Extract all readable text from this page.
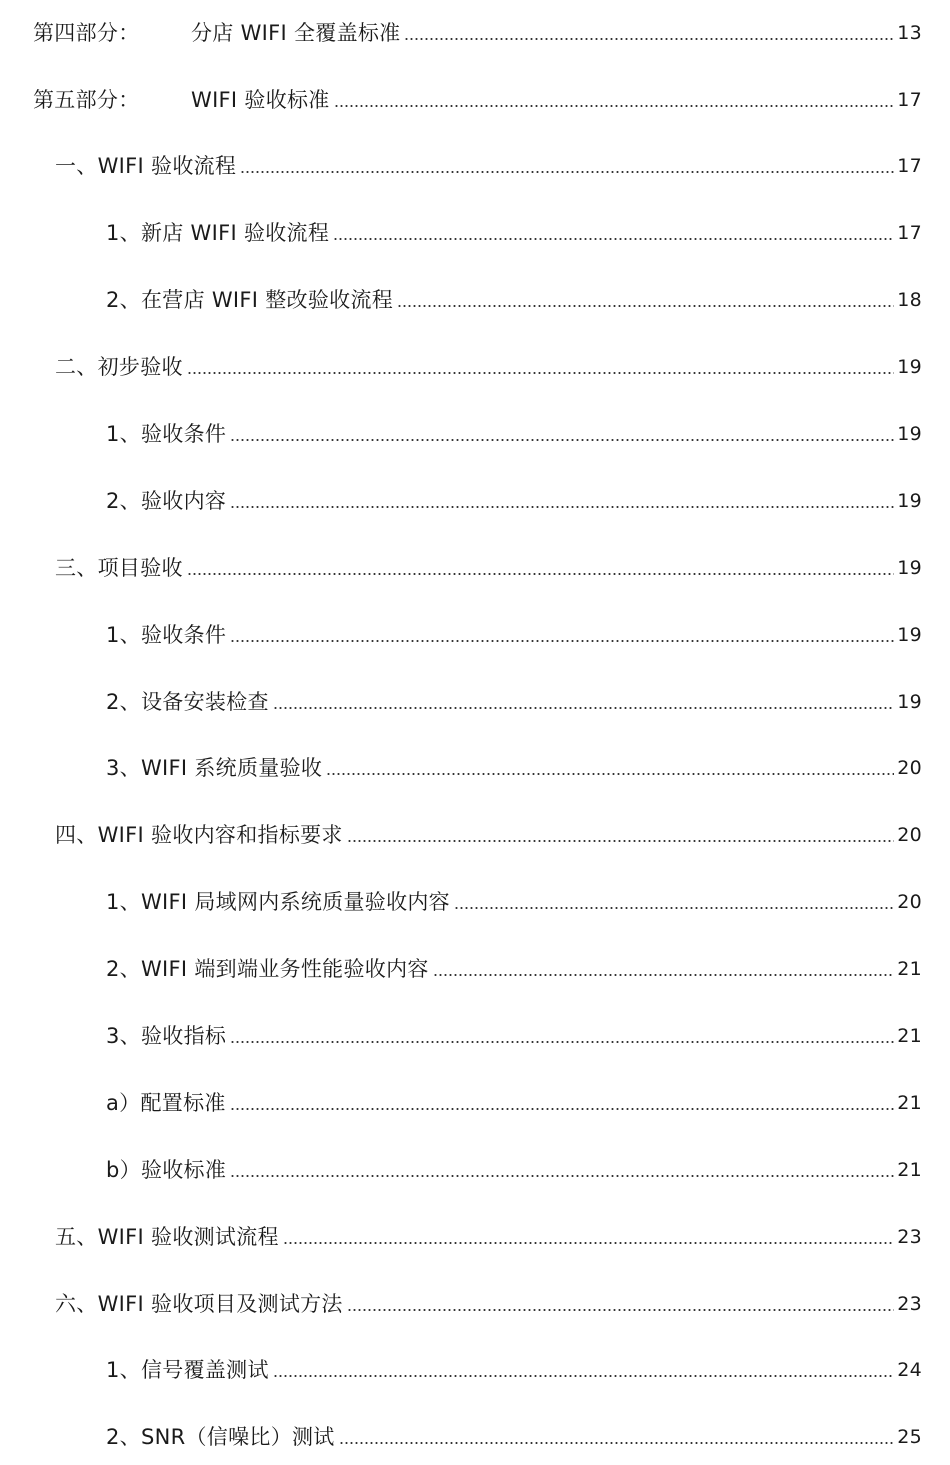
第四部分：	分店 WIFI 全覆盖标准	13
第五部分：	WIFI 验收标准	17
一、 WIFI 验收流程	17
1、 新店 WIFI 验收流程	17
2、 在营店 WIFI 整改验收流程	18
二、 初步验收	19
1、 验收条件	19
2、 验收内容	19
三、 项目验收	19
1、 验收条件	19
2、 设备安装检查	19
3、 WIFI 系统质量验收	20
四、 WIFI 验收内容和指标要求	20
1、 WIFI 局域网内系统质量验收内容	20
2、 WIFI 端到端业务性能验收内容	21
3、 验收指标	21
a） 配置标准	21
b） 验收标准	21
五、 WIFI 验收测试流程	23
六、 WIFI 验收项目及测试方法	23
1、 信号覆盖测试	24
2、 SNR（信噪比）测试	25
